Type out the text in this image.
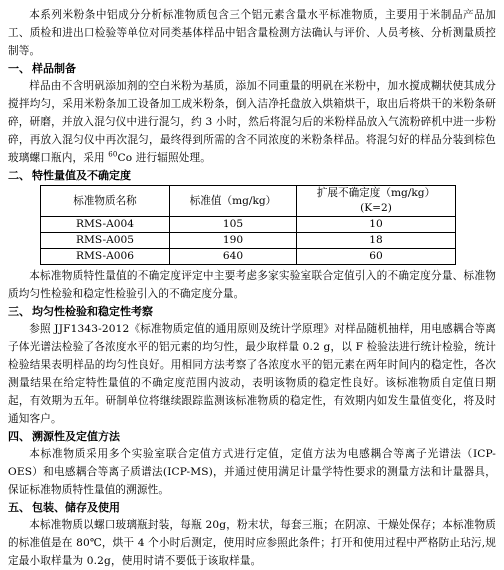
本系列米粉条中铝成分分析标准物质包含三个铝元素含量水平标准物质，主要用于米制品产品加工、质检和进出口检验等单位对同类基体样品中铝含量检测方法确认与评价、人员考核、分析测量质控制等。

一、 样品制备

样品由不含明矾添加剂的空白米粉为基质，添加不同重量的明矾在米粉中，加水搅成糊状使其成分搅拌均匀，采用米粉条加工设备加工成米粉条，倒入洁净托盘放入烘箱烘干，取出后将烘干的米粉条研碎，研磨，并放入混匀仪中进行混匀，约 3 小时，然后将混匀后的米粉样品放入气流粉碎机中进一步粉碎，再放入混匀仪中再次混匀，最终得到所需的含不同浓度的米粉条样品。将混匀好的样品分装到棕色玻璃螺口瓶内，采用 $^{60}$Co 进行辐照处理。

二、 特性量值及不确定度
标准物质名称	标准值（mg/kg）	扩展不确定度（mg/kg）(K=2)
RMS-A004	105	10
RMS-A005	190	18
RMS-A006	640	60

本标准物质特性量值的不确定度评定中主要考虑多家实验室联合定值引入的不确定度分量、标准物质均匀性检验和稳定性检验引入的不确定度分量。

三、 均匀性检验和稳定性考察

参照 JJF1343-2012《标准物质定值的通用原则及统计学原理》对样品随机抽样，用电感耦合等离子体光谱法检验了各浓度水平的铝元素的均匀性，最少取样量 0.2 g，以 F 检验法进行统计检验，统计检验结果表明样品的均匀性良好。用相同方法考察了各浓度水平的铝元素在两年时间内的稳定性，各次测量结果在给定特性量值的不确定度范围内波动，表明该物质的稳定性良好。该标准物质自定值日期起，有效期为五年。研制单位将继续跟踪监测该标准物质的稳定性，有效期内如发生量值变化，将及时通知客户。

四、 溯源性及定值方法

本标准物质采用多个实验室联合定值方式进行定值，定值方法为电感耦合等离子光谱法（ICP-OES）和电感耦合等离子质谱法(ICP-MS)，并通过使用满足计量学特性要求的测量方法和计量器具，保证标准物质特性量值的溯源性。

五、 包装、储存及使用

本标准物质以螺口玻璃瓶封装，每瓶 20g，粉末状，每套三瓶；在阴凉、干燥处保存；本标准物质的标准值是在 80℃，烘干 4 个小时后测定，使用时应参照此条件；打开和使用过程中严格防止玷污,规定最小取样量为 0.2g，使用时请不要低于该取样量。
